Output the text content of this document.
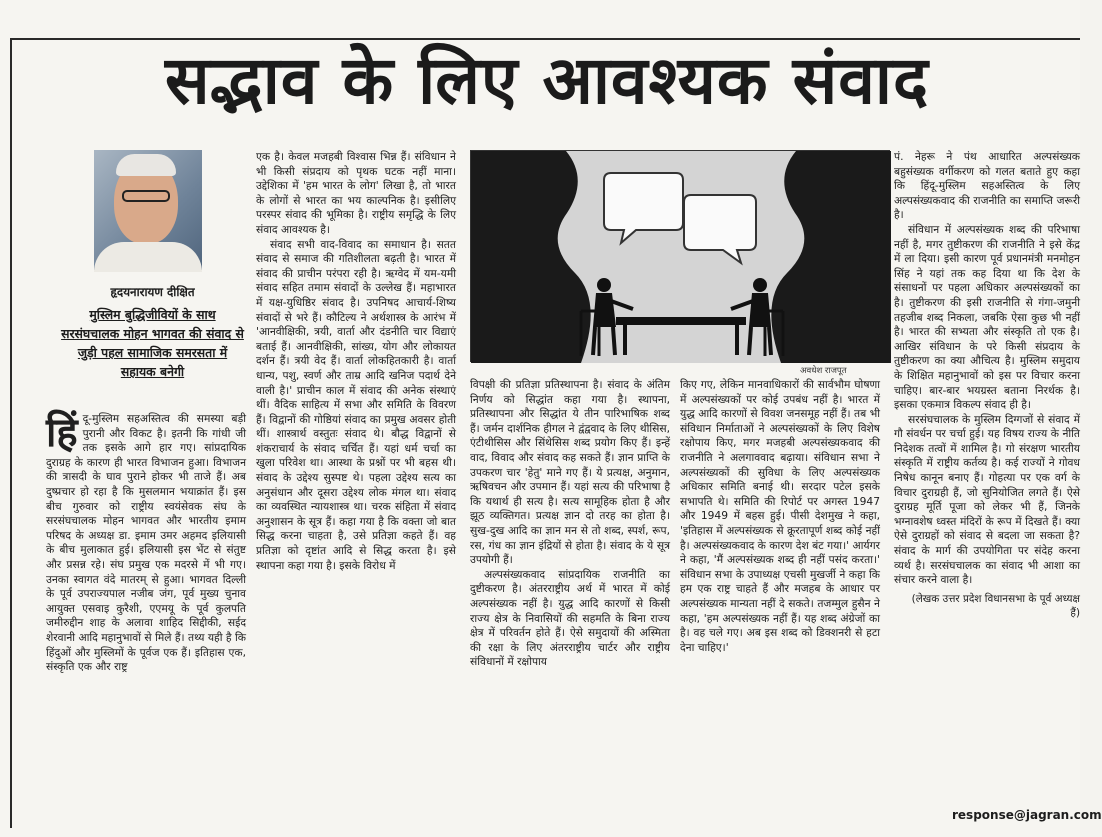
सद्भाव के लिए आवश्यक संवाद
हृदयनारायण दीक्षित
मुस्लिम बुद्धिजीवियों के साथ सरसंघचालक मोहन भागवत की संवाद से जुड़ी पहल सामाजिक समरसता में सहायक बनेगी
हिं दू-मुस्लिम सहअस्तित्व की समस्या बड़ी पुरानी और विकट है। इतनी कि गांधी जी तक इसके आगे हार गए। सांप्रदायिक दुराग्रह के कारण ही भारत विभाजन हुआ। विभाजन की त्रासदी के घाव पुराने होकर भी ताजे हैं। अब दुष्प्रचार हो रहा है कि मुसलमान भयाक्रांत हैं। इस बीच गुरुवार को राष्ट्रीय स्वयंसेवक संघ के सरसंघचालक मोहन भागवत और भारतीय इमाम परिषद के अध्यक्ष डा. इमाम उमर अहमद इलियासी के बीच मुलाकात हुई। इलियासी इस भेंट से संतुष्ट और प्रसन्न रहे। संघ प्रमुख एक मदरसे में भी गए। उनका स्वागत वंदे मातरम् से हुआ। भागवत दिल्ली के पूर्व उपराज्यपाल नजीब जंग, पूर्व मुख्य चुनाव आयुक्त एसवाइ कुरैशी, एएमयू के पूर्व कुलपति जमीरुद्दीन शाह के अलावा शाहिद सिद्दीकी, सईद शेरवानी आदि महानुभावों से मिले हैं। तथ्य यही है कि हिंदुओं और मुस्लिमों के पूर्वज एक हैं। इतिहास एक, संस्कृति एक और राष्ट्र

एक है। केवल मजहबी विश्वास भिन्न हैं। संविधान ने भी किसी संप्रदाय को पृथक घटक नहीं माना। उद्देशिका में 'हम भारत के लोग' लिखा है, तो भारत के लोगों से भारत का भय काल्पनिक है। इसीलिए परस्पर संवाद की भूमिका है। राष्ट्रीय समृद्धि के लिए संवाद आवश्यक है।

संवाद सभी वाद-विवाद का समाधान है। सतत संवाद से समाज की गतिशीलता बढ़ती है। भारत में संवाद की प्राचीन परंपरा रही है। ऋग्वेद में यम-यमी संवाद सहित तमाम संवादों के उल्लेख हैं। महाभारत में यक्ष-युधिष्ठिर संवाद है। उपनिषद आचार्य-शिष्य संवादों से भरे हैं। कौटिल्य ने अर्थशास्त्र के आरंभ में 'आनवीक्षिकी, त्रयी, वार्ता और दंडनीति चार विद्याएं बताई हैं। आनवीक्षिकी, सांख्य, योग और लोकायत दर्शन हैं। त्रयी वेद हैं। वार्ता लोकहितकारी है। वार्ता धान्य, पशु, स्वर्ण और ताम्र आदि खनिज पदार्थ देने वाली है।' प्राचीन काल में संवाद की अनेक संस्थाएं थीं। वैदिक साहित्य में सभा और समिति के विवरण हैं। विद्वानों की गोष्ठियां संवाद का प्रमुख अवसर होती थीं। शास्त्रार्थ वस्तुतः संवाद थे। बौद्ध विद्वानों से शंकराचार्य के संवाद चर्चित हैं। यहां धर्म चर्चा का खुला परिवेश था। आस्था के प्रश्नों पर भी बहस थी। संवाद के उद्देश्य सुस्पष्ट थे। पहला उद्देश्य सत्य का अनुसंधान और दूसरा उद्देश्य लोक मंगल था। संवाद का व्यवस्थित न्यायशास्त्र था। चरक संहिता में संवाद अनुशासन के सूत्र हैं। कहा गया है कि वक्ता जो बात सिद्ध करना चाहता है, उसे प्रतिज्ञा कहते हैं। वह प्रतिज्ञा को दृष्टांत आदि से सिद्ध करता है। इसे स्थापना कहा गया है। इसके विरोध में

अवधेश राजपूत

विपक्षी की प्रतिज्ञा प्रतिस्थापना है। संवाद के अंतिम निर्णय को सिद्धांत कहा गया है। स्थापना, प्रतिस्थापना और सिद्धांत ये तीन पारिभाषिक शब्द हैं। जर्मन दार्शनिक हीगल ने द्वंद्ववाद के लिए थीसिस, एंटीथीसिस और सिंथेसिस शब्द प्रयोग किए हैं। इन्हें वाद, विवाद और संवाद कह सकते हैं। ज्ञान प्राप्ति के उपकरण चार 'हेतु' माने गए हैं। ये प्रत्यक्ष, अनुमान, ऋषिवचन और उपमान हैं। यहां सत्य की परिभाषा है कि यथार्थ ही सत्य है। सत्य सामूहिक होता है और झूठ व्यक्तिगत। प्रत्यक्ष ज्ञान दो तरह का होता है। सुख-दुख आदि का ज्ञान मन से तो शब्द, स्पर्श, रूप, रस, गंध का ज्ञान इंद्रियों से होता है। संवाद के ये सूत्र उपयोगी हैं।

अल्पसंख्यकवाद सांप्रदायिक राजनीति का दुष्टीकरण है। अंतरराष्ट्रीय अर्थ में भारत में कोई अल्पसंख्यक नहीं है। युद्ध आदि कारणों से किसी राज्य क्षेत्र के निवासियों की सहमति के बिना राज्य क्षेत्र में परिवर्तन होते हैं। ऐसे समुदायों की अस्मिता की रक्षा के लिए अंतरराष्ट्रीय चार्टर और राष्ट्रीय संविधानों में रक्षोपाय

किए गए, लेकिन मानवाधिकारों की सार्वभौम घोषणा में अल्पसंख्यकों पर कोई उपबंध नहीं है। भारत में युद्ध आदि कारणों से विवश जनसमूह नहीं हैं। तब भी संविधान निर्माताओं ने अल्पसंख्यकों के लिए विशेष रक्षोपाय किए, मगर मजहबी अल्पसंख्यकवाद की राजनीति ने अलगाववाद बढ़ाया। संविधान सभा ने अल्पसंख्यकों की सुविधा के लिए अल्पसंख्यक अधिकार समिति बनाई थी। सरदार पटेल इसके सभापति थे। समिति की रिपोर्ट पर अगस्त 1947 और 1949 में बहस हुई। पीसी देशमुख ने कहा, 'इतिहास में अल्पसंख्यक से क्रूरतापूर्ण शब्द कोई नहीं है। अल्पसंख्यकवाद के कारण देश बंट गया।' आर्यगर ने कहा, 'मैं अल्पसंख्यक शब्द ही नहीं पसंद करता।' संविधान सभा के उपाध्यक्ष एचसी मुखर्जी ने कहा कि हम एक राष्ट्र चाहते हैं और मजहब के आधार पर अल्पसंख्यक मान्यता नहीं दे सकते। तजम्मुल हुसैन ने कहा, 'हम अल्पसंख्यक नहीं हैं। यह शब्द अंग्रेजों का है। वह चले गए। अब इस शब्द को डिक्शनरी से हटा देना चाहिए।'

पं. नेहरू ने पंथ आधारित अल्पसंख्यक बहुसंख्यक वर्गीकरण को गलत बताते हुए कहा कि हिंदू-मुस्लिम सहअस्तित्व के लिए अल्पसंख्यकवाद की राजनीति का समाप्ति जरूरी है।

संविधान में अल्पसंख्यक शब्द की परिभाषा नहीं है, मगर तुष्टीकरण की राजनीति ने इसे केंद्र में ला दिया। इसी कारण पूर्व प्रधानमंत्री मनमोहन सिंह ने यहां तक कह दिया था कि देश के संसाधनों पर पहला अधिकार अल्पसंख्यकों का है। तुष्टीकरण की इसी राजनीति से गंगा-जमुनी तहजीब शब्द निकला, जबकि ऐसा कुछ भी नहीं है। भारत की सभ्यता और संस्कृति तो एक है। आखिर संविधान के परे किसी संप्रदाय के तुष्टीकरण का क्या औचित्य है। मुस्लिम समुदाय के शिक्षित महानुभावों को इस पर विचार करना चाहिए। बार-बार भयग्रस्त बताना निरर्थक है। इसका एकमात्र विकल्प संवाद ही है।

सरसंघचालक के मुस्लिम दिग्गजों से संवाद में गौ संवर्धन पर चर्चा हुई। यह विषय राज्य के नीति निदेशक तत्वों में शामिल है। गो संरक्षण भारतीय संस्कृति में राष्ट्रीय कर्तव्य है। कई राज्यों ने गोवध निषेध कानून बनाए हैं। गोहत्या पर एक वर्ग के विचार दुराग्रही हैं, जो सुनियोजित लगते हैं। ऐसे दुराग्रह मूर्ति पूजा को लेकर भी हैं, जिनके भग्नावशेष ध्वस्त मंदिरों के रूप में दिखते हैं। क्या ऐसे दुराग्रहों को संवाद से बदला जा सकता है? संवाद के मार्ग की उपयोगिता पर संदेह करना व्यर्थ है। सरसंघचालक का संवाद भी आशा का संचार करने वाला है।

(लेखक उत्तर प्रदेश विधानसभा के पूर्व अध्यक्ष हैं)

response@jagran.com
